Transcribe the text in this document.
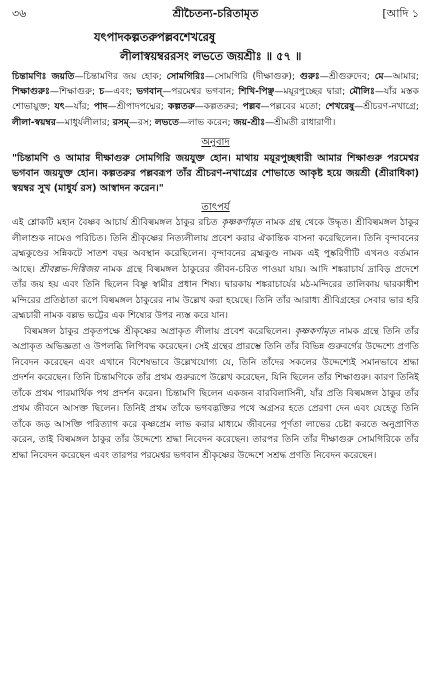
৩৬	শ্রীচৈতন্য-চরিতামৃত	[আদি ১
যৎপাদকল্পতরুপল্লবশেখরেষু
লীলাস্বয়ম্বররসং লভতে জয়শ্রীঃ ॥ ৫৭ ॥
চিন্তামণিঃ জয়তি—চিন্তামণির জয় হোক; সোমগিরিঃ—সোমগিরি (দীক্ষাগুরু); গুরুঃ—শ্রীগুরুদেব; মে—আমার; শিক্ষাগুরুঃ—শিক্ষাগুরু; চ—এবং; ভগবান্—পরমেশ্বর ভগবান; শিখি-পিঞ্ছ—ময়ূরপুচ্ছের দ্বারা; মৌলিঃ—যাঁর মস্তক শোভায়ুক্ত; যৎ—যাঁর; পাদ—শ্রীপাদপদ্মের; কল্পতরু—কল্পতরুর; পল্লব—পল্লবের মতো; শেখরেষু—শ্রীচরণ-নখাগ্রে; লীলা-স্বয়ম্বর—মাধুর্যলীলার; রসম্—রস; লভতে—লাভ করেন; জয়-শ্রীঃ—শ্রীমতী রাধারাণী।
অনুবাদ
"চিন্তামণি ও আমার দীক্ষাগুরু সোমগিরি জয়যুক্ত হোন। মাথায় ময়ূরপুচ্ছধারী আমার শিক্ষাগুরু পরমেশ্বর ভগবান জয়যুক্ত হোন। কল্পতরুর পল্লবরূপ তাঁর শ্রীচরণ-নখাগ্রের শোভাতে আকৃষ্ট হয়ে জয়শ্রী (শ্রীরাধিকা) স্বয়ম্বর সুখ (মাধুর্য রস) আস্বাদন করেন।"
তাৎপর্য

এই শ্লোকটি মহান বৈষ্ণব আচার্য শ্রীবিল্বমঙ্গল ঠাকুর রচিত কৃষ্ণকর্ণামৃত নামক গ্রন্থ থেকে উদ্ধৃত। শ্রীবিল্বমঙ্গল ঠাকুর লীলাশুক নামেও পরিচিত। তিনি শ্রীকৃষ্ণের নিত্যলীলায় প্রবেশ করার ঐকান্তিক বাসনা করেছিলেন। তিনি বৃন্দাবনের ব্রহ্মকুণ্ডের সন্নিকটে সাতশ বছর অবস্থান করেছিলেন। বৃন্দাবনের ব্রহ্মকুণ্ড নামক এই পুষ্করিণীটি এখনও বর্তমান আছে। শ্রীবল্লভ-দিগ্বিজয় নামক গ্রন্থে বিল্বমঙ্গল ঠাকুরের জীবন-চরিত পাওয়া যায়। আদি শঙ্করাচার্য দ্রাবিড় প্রদেশে তাঁর জয় হয় এবং তিনি ছিলেন বিষ্ণু স্বামীর প্রধান শিষ্য। দ্বারকায় শঙ্করাচার্যের মঠ-মন্দিরের তালিকায় দ্বারকাধীশ মন্দিরের প্রতিষ্ঠাতা রূপে বিল্বমঙ্গল ঠাকুরের নাম উল্লেখ করা হয়েছে। তিনি তাঁর আরাধ্য শ্রীবিগ্রহের সেবার ভার হরি ব্রহ্মচারী নামক বল্লভ ভট্টের এক শিষ্যের উপর ন্যস্ত করে যান।

বিল্বমঙ্গল ঠাকুর প্রকৃতপক্ষে শ্রীকৃষ্ণের অপ্রাকৃত লীলায় প্রবেশ করেছিলেন। কৃষ্ণকর্ণামৃত নামক গ্রন্থে তিনি তাঁর অপ্রাকৃত অভিজ্ঞতা ও উপলব্ধি লিপিবদ্ধ করেছেন। সেই গ্রন্থের প্রারম্ভে তিনি তাঁর বিভিন্ন গুরুবর্গের উদ্দেশ্যে প্রণতি নিবেদন করেছেন এবং এখানে বিশেষভাবে উল্লেখযোগ্য যে, তিনি তাঁদের সকলের উদ্দেশ্যেই সমানভাবে শ্রদ্ধা প্রদর্শন করেছেন। তিনি চিন্তামণিকে তাঁর প্রথম গুরুরূপে উল্লেখ করেছেন, যিনি ছিলেন তাঁর শিক্ষাগুরু। কারণ তিনিই তাঁকে প্রথম পারমার্থিক পথ প্রদর্শন করেন। চিন্তামণি ছিলেন একজন বারবিলাসিনী, যাঁর প্রতি বিল্বমঙ্গল ঠাকুর তাঁর প্রথম জীবনে আসক্ত ছিলেন। তিনিই প্রথম তাঁকে ভগবদ্ভক্তির পথে অগ্রসর হতে প্রেরণা দেন এবং যেহেতু তিনি তাঁকে জড় আসক্তি পরিত্যাগ করে কৃষ্ণপ্রেম লাভ করার মাধ্যমে জীবনের পূর্ণতা লাভের চেষ্টা করতে অনুপ্রাণিত করেন, তাই বিল্বমঙ্গল ঠাকুর তাঁর উদ্দেশ্যে শ্রদ্ধা নিবেদন করেছেন। তারপর তিনি তাঁর দীক্ষাগুরু সোমগিরিকে তাঁর শ্রদ্ধা নিবেদন করেছেন এবং তারপর পরমেশ্বর ভগবান শ্রীকৃষ্ণের উদ্দেশে সশ্রদ্ধ প্রণতি নিবেদন করেছেন।
